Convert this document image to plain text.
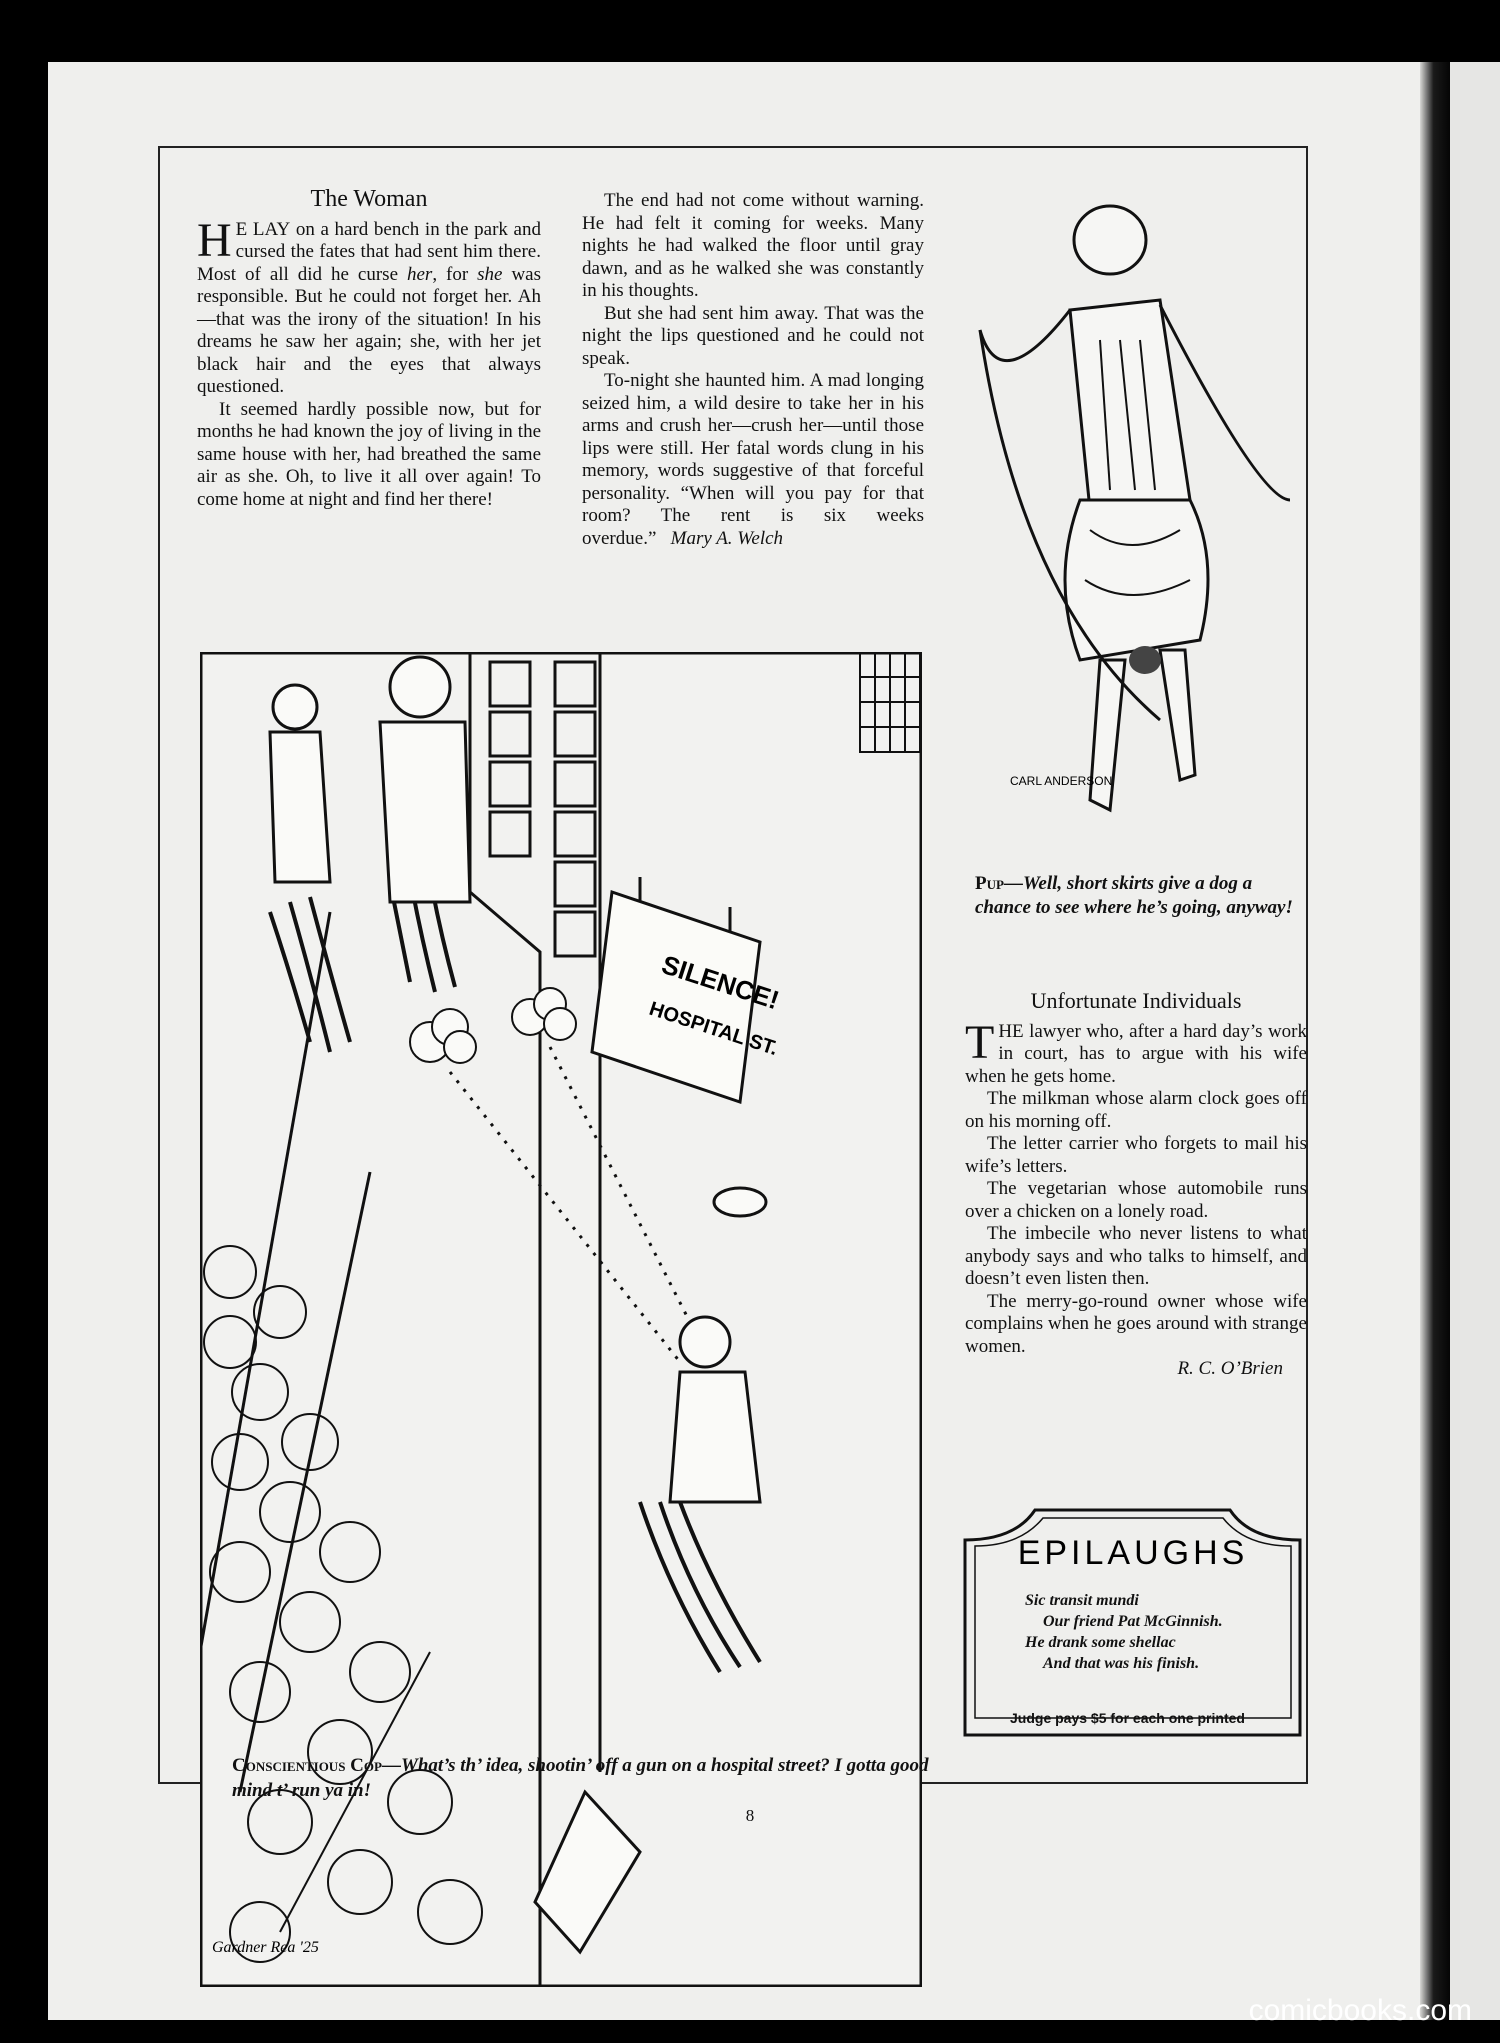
The Woman

H E LAY on a hard bench in the park and cursed the fates that had sent him there. Most of all did he curse her, for she was responsible. But he could not forget her. Ah—that was the irony of the situation! In his dreams he saw her again; she, with her jet black hair and the eyes that always questioned.

It seemed hardly possible now, but for months he had known the joy of living in the same house with her, had breathed the same air as she. Oh, to live it all over again! To come home at night and find her there!

The end had not come without warning. He had felt it coming for weeks. Many nights he had walked the floor until gray dawn, and as he walked she was constantly in his thoughts.

But she had sent him away. That was the night the lips questioned and he could not speak.

To-night she haunted him. A mad longing seized him, a wild desire to take her in his arms and crush her—crush her—until those lips were still. Her fatal words clung in his memory, words suggestive of that forceful personality. “When will you pay for that room? The rent is six weeks overdue.” Mary A. Welch

SILENCE!
HOSPITAL ST.
Gardner Rea '25
Conscientious Cop—What’s th’ idea, shootin’ off a gun on a hospital street? I gotta good mind t’ run ya in!
CARL ANDERSON
Pup—Well, short skirts give a dog a chance to see where he’s going, anyway!
Unfortunate Individuals

THE lawyer who, after a hard day’s work in court, has to argue with his wife when he gets home.

The milkman whose alarm clock goes off on his morning off.

The letter carrier who forgets to mail his wife’s letters.

The vegetarian whose automobile runs over a chicken on a lonely road.

The imbecile who never listens to what anybody says and who talks to himself, and doesn’t even listen then.

The merry-go-round owner whose wife complains when he goes around with strange women.

R. C. O’Brien
EPILAUGHS
Sic transit mundi
Our friend Pat McGinnish.
He drank some shellac
And that was his finish.
Judge pays $5 for each one printed
8
comicbooks.com
